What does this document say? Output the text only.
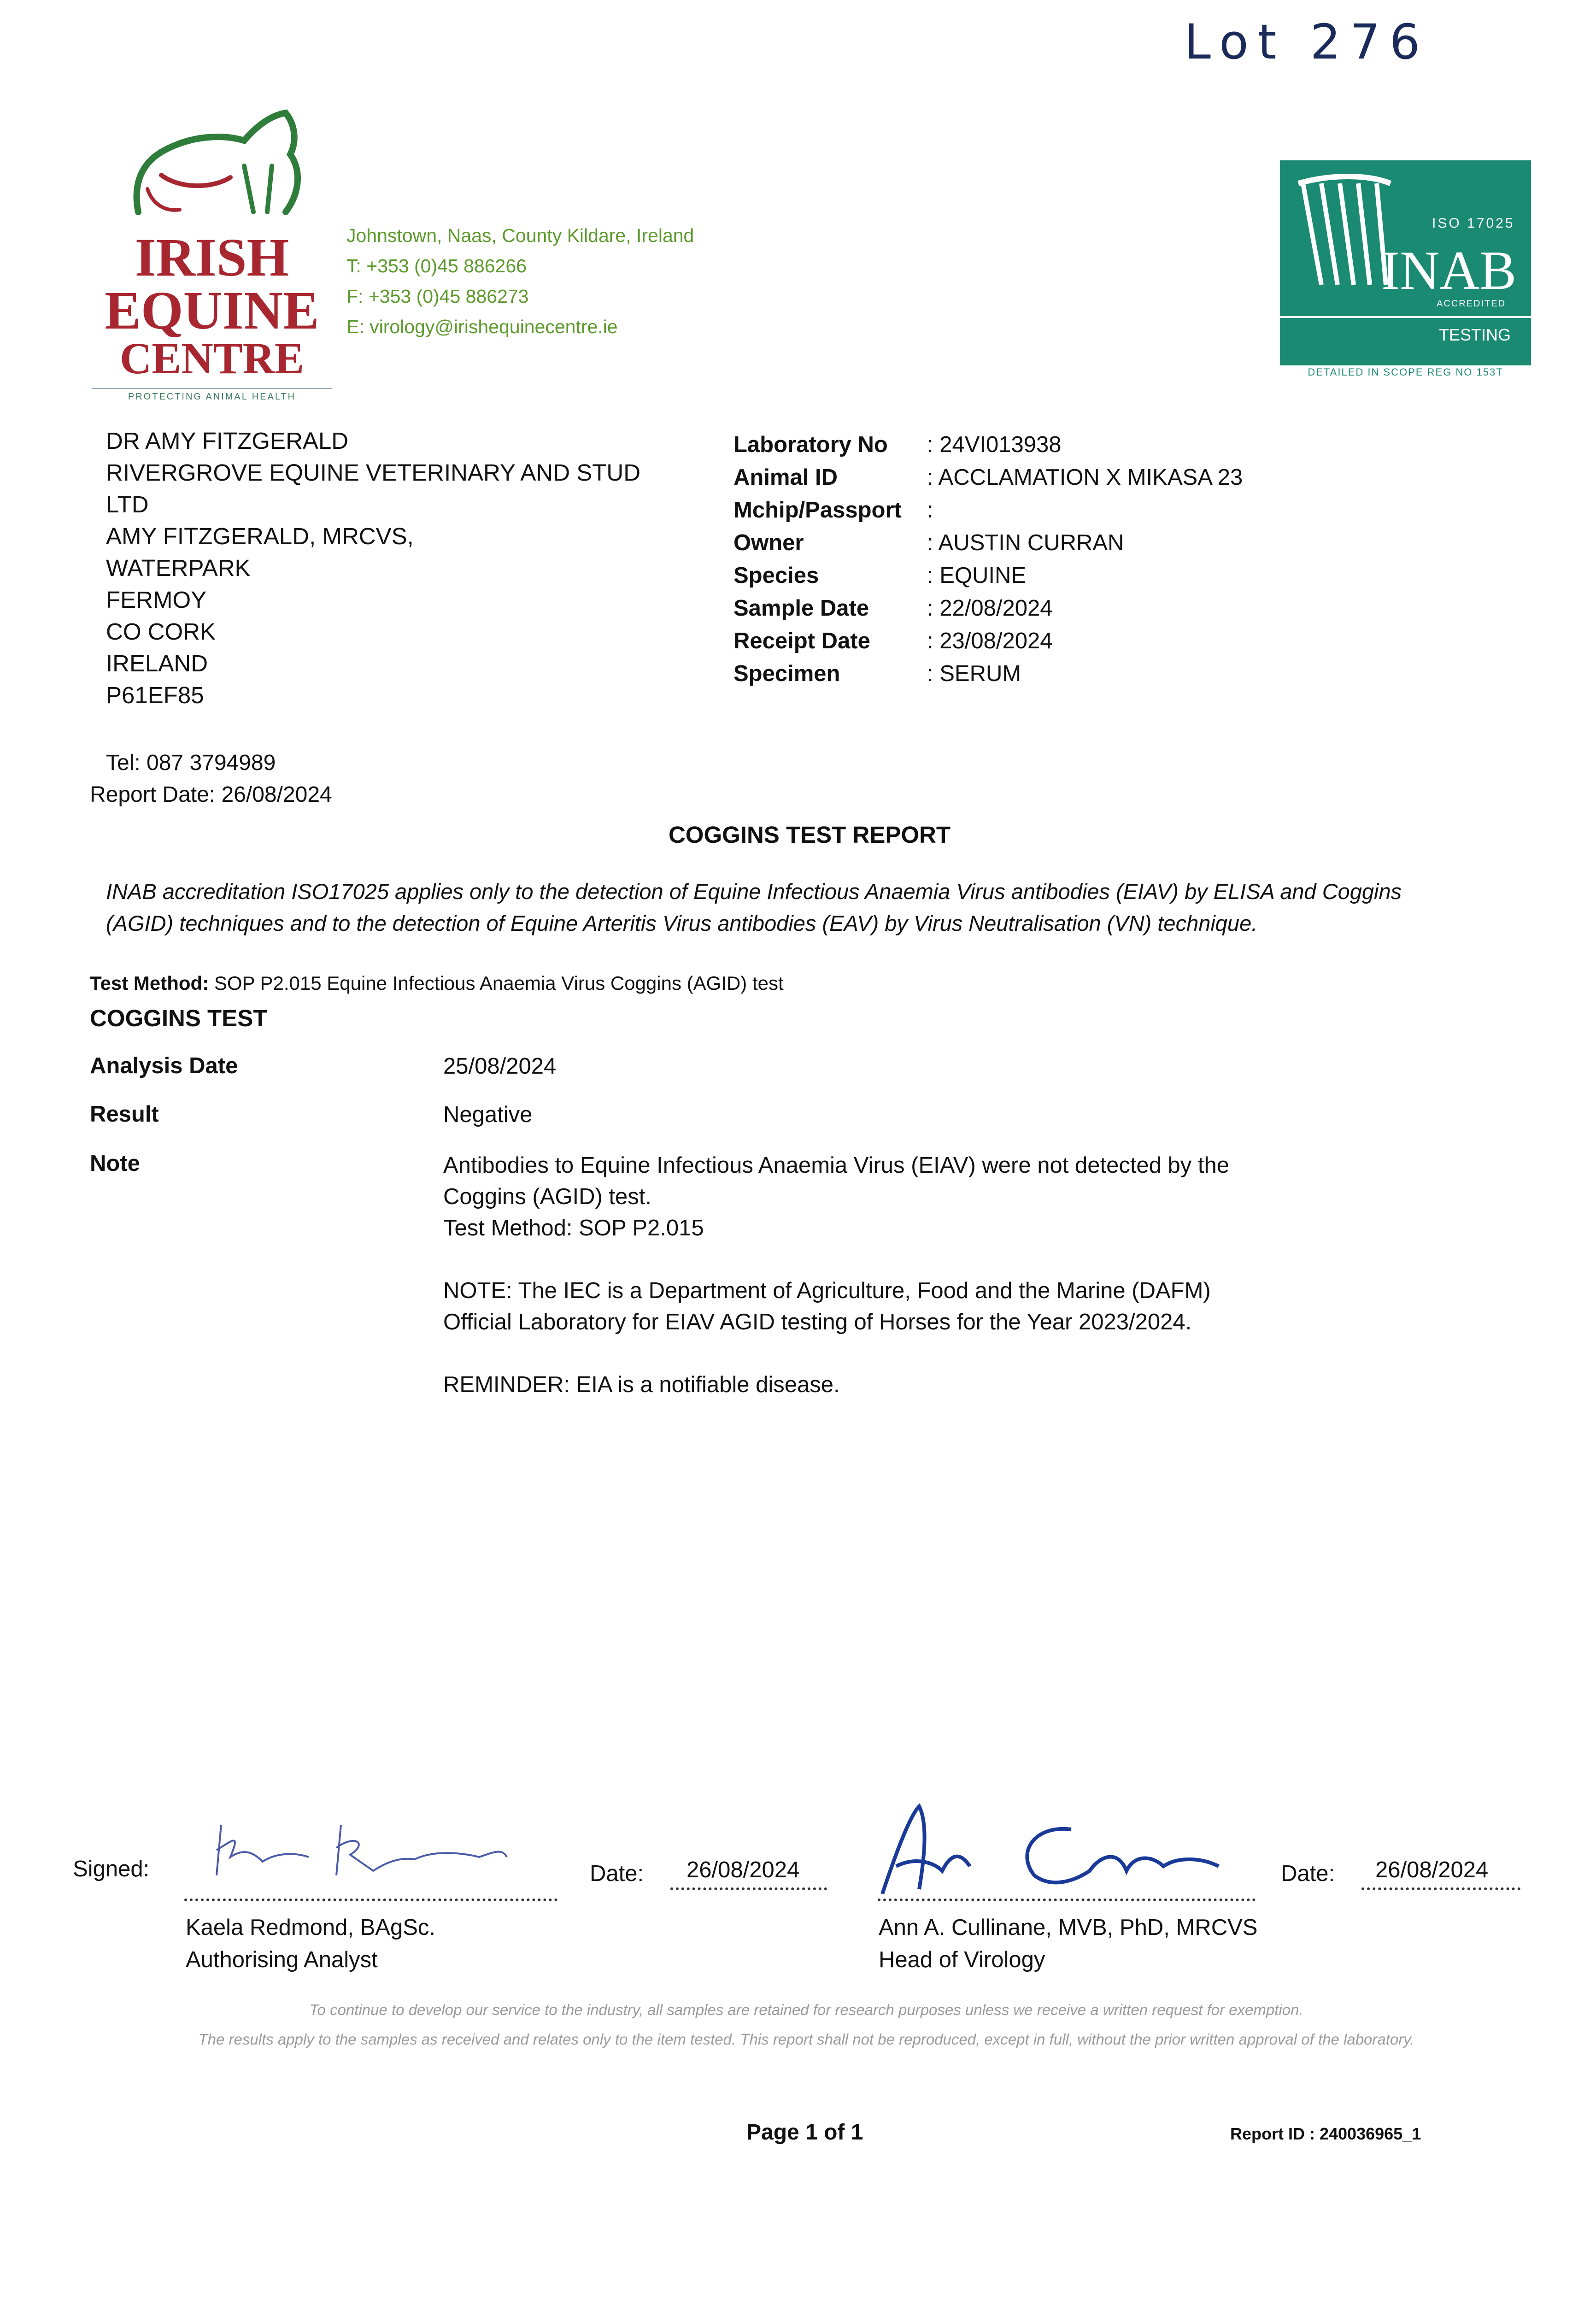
Lot 276
IRISH
EQUINE
CENTRE
PROTECTING ANIMAL HEALTH
Johnstown, Naas, County Kildare, Ireland
T: +353 (0)45 886266
F: +353 (0)45 886273
E: virology@irishequinecentre.ie
ISO 17025
INAB
ACCREDITED
TESTING
DETAILED IN SCOPE REG NO 153T
DR AMY FITZGERALD
RIVERGROVE EQUINE VETERINARY AND STUD
LTD
AMY FITZGERALD, MRCVS,
WATERPARK
FERMOY
CO CORK
IRELAND
P61EF85
Tel: 087 3794989
Report Date: 26/08/2024
Laboratory No : 24VI013938
Animal ID	: ACCLAMATION X MIKASA 23
Mchip/Passport :
Owner	: AUSTIN CURRAN
Species	: EQUINE
Sample Date	: 22/08/2024
Receipt Date	: 23/08/2024
Specimen	: SERUM
COGGINS TEST REPORT
INAB accreditation ISO17025 applies only to the detection of Equine Infectious Anaemia Virus antibodies (EIAV) by ELISA and Coggins (AGID) techniques and to the detection of Equine Arteritis Virus antibodies (EAV) by Virus Neutralisation (VN) technique.
Test Method: SOP P2.015 Equine Infectious Anaemia Virus Coggins (AGID) test
COGGINS TEST
Analysis Date	25/08/2024
Result	Negative
Note	Antibodies to Equine Infectious Anaemia Virus (EIAV) were not detected by the Coggins (AGID) test.
Test Method: SOP P2.015
NOTE: The IEC is a Department of Agriculture, Food and the Marine (DAFM) Official Laboratory for EIAV AGID testing of Horses for the Year 2023/2024.
REMINDER: EIA is a notifiable disease.
Signed:	Date:	26/08/2024
Kaela Redmond, BAgSc.
Authorising Analyst
Date:	26/08/2024
Ann A. Cullinane, MVB, PhD, MRCVS
Head of Virology
To continue to develop our service to the industry, all samples are retained for research purposes unless we receive a written request for exemption.
The results apply to the samples as received and relates only to the item tested. This report shall not be reproduced, except in full, without the prior written approval of the laboratory.
Page 1 of 1	Report ID : 240036965_1
